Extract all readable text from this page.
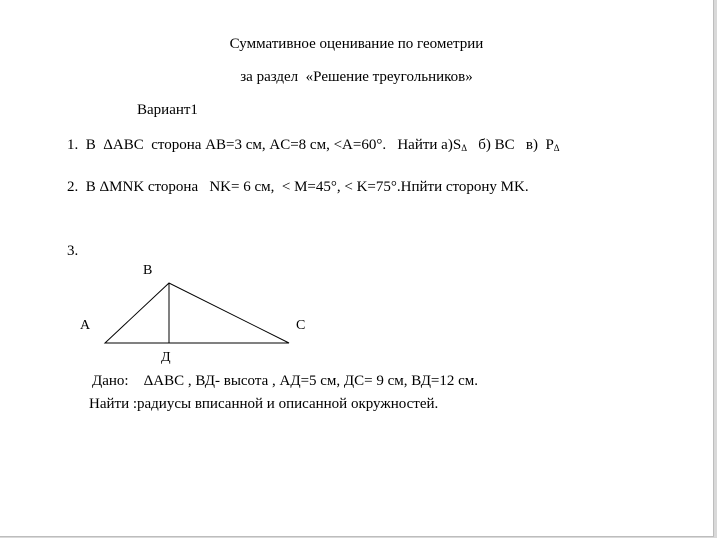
Суммативное оценивание по геометрии
за раздел  «Решение треугольников»
Вариант1
1. В  ΔABC  сторона AB=3 см, AC=8 см, <A=60°.   Найти а)SΔ   б) BC   в)  PΔ
2. В ΔMNK сторона   NK= 6 см,  < M=45°, < K=75°.Нпйти сторону MK.
3.
В
А	С
Д
Дано:    ΔABC , ВД- высота , АД=5 см, ДС= 9 см, ВД=12 см.
Найти :радиусы вписанной и описанной окружностей.
